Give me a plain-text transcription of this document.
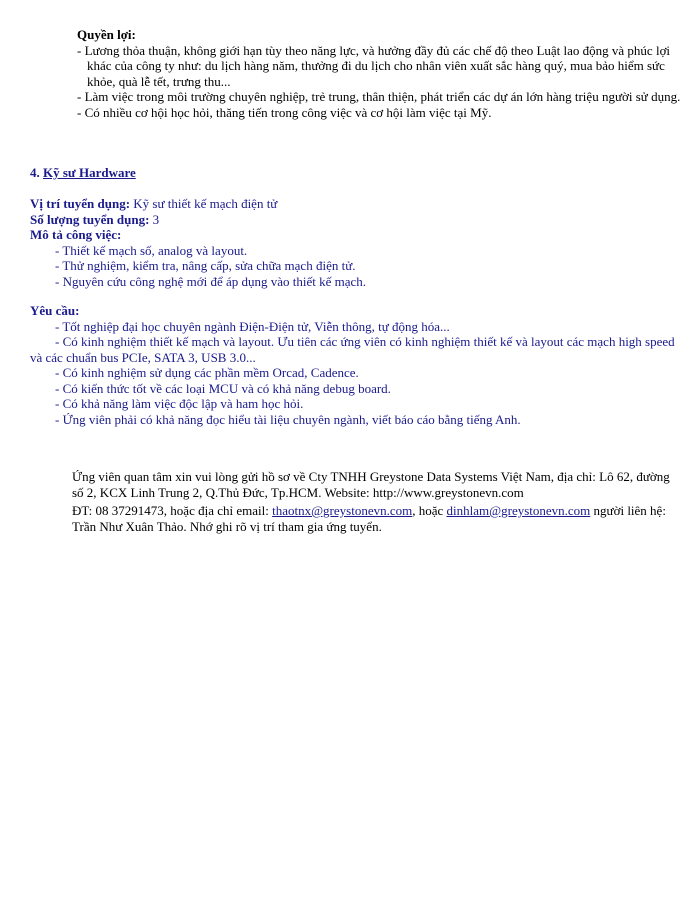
Quyền lợi:

- Lương thỏa thuận, không giới hạn tùy theo năng lực, và hưởng đầy đủ các chế độ theo Luật lao động và phúc lợi khác của công ty như: du lịch hàng năm, thưởng đi du lịch cho nhân viên xuất sắc hàng quý, mua bảo hiểm sức khỏe, quà lễ tết, trưng thu...

- Làm việc trong môi trường chuyên nghiệp, trẻ trung, thân thiện, phát triển các dự án lớn hàng triệu người sử dụng.

- Có nhiều cơ hội học hỏi, thăng tiến trong công việc và cơ hội làm việc tại Mỹ.

4. Kỹ sư Hardware

Vị trí tuyển dụng: Kỹ sư thiết kế mạch điện tử

Số lượng tuyển dụng: 3

Mô tả công việc:

- Thiết kế mạch số, analog và layout.

- Thử nghiệm, kiểm tra, nâng cấp, sửa chữa mạch điện tử.

- Nguyên cứu công nghệ mới để áp dụng vào thiết kế mạch.

Yêu cầu:

- Tốt nghiệp đại học chuyên ngành Điện-Điện tử, Viễn thông, tự động hóa...

- Có kinh nghiệm thiết kế mạch và layout. Ưu tiên các ứng viên có kinh nghiệm thiết kế và layout các mạch high speed và các chuẩn bus PCIe, SATA 3, USB 3.0...

- Có kinh nghiệm sử dụng các phần mềm Orcad, Cadence.

- Có kiến thức tốt về các loại MCU và có khả năng debug board.

- Có khả năng làm việc độc lập và ham học hỏi.

- Ứng viên phải có khả năng đọc hiểu tài liệu chuyên ngành, viết báo cáo bằng tiếng Anh.

Ứng viên quan tâm xin vui lòng gửi hồ sơ về Cty TNHH Greystone Data Systems Việt Nam, địa chỉ: Lô 62, đường số 2, KCX Linh Trung 2, Q.Thủ Đức, Tp.HCM. Website: http://www.greystonevn.com

ĐT: 08 37291473, hoặc địa chỉ email: thaotnx@greystonevn.com, hoặc dinhlam@greystonevn.com người liên hệ: Trần Như Xuân Thảo. Nhớ ghi rõ vị trí tham gia ứng tuyển.
